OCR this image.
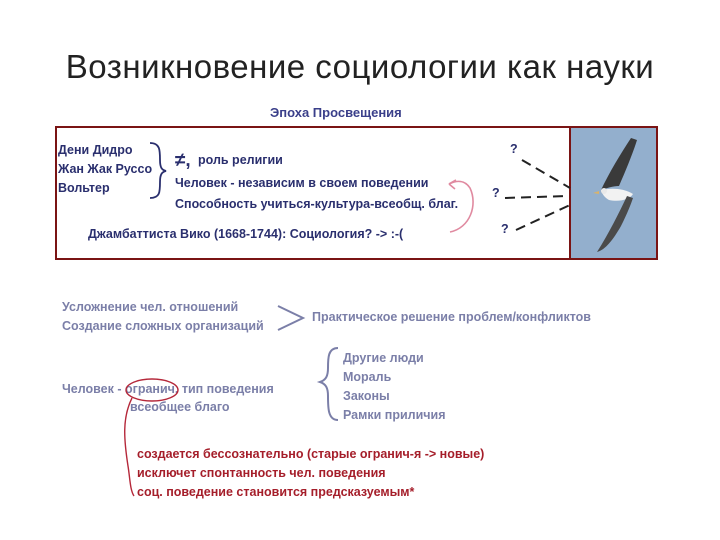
Возникновение социологии как науки
Эпоха Просвещения
Дени Дидро
Жан Жак Руссо
Вольтер
≠, роль религии
Человек - независим в своем поведении
Способность учиться-культура-всеобщ. благ.
Джамбаттиста Вико (1668-1744): Социология? -> :-(
?
?
?
Усложнение чел. отношений
Создание сложных организаций
Практическое решение проблем/конфликтов
Человек - огранич. тип поведения
всеобщее благо
Другие люди
Мораль
Законы
Рамки приличия
создается бессознательно (старые огранич-я -> новые)
исключет спонтанность чел. поведения
соц. поведение становится предсказуемым*
